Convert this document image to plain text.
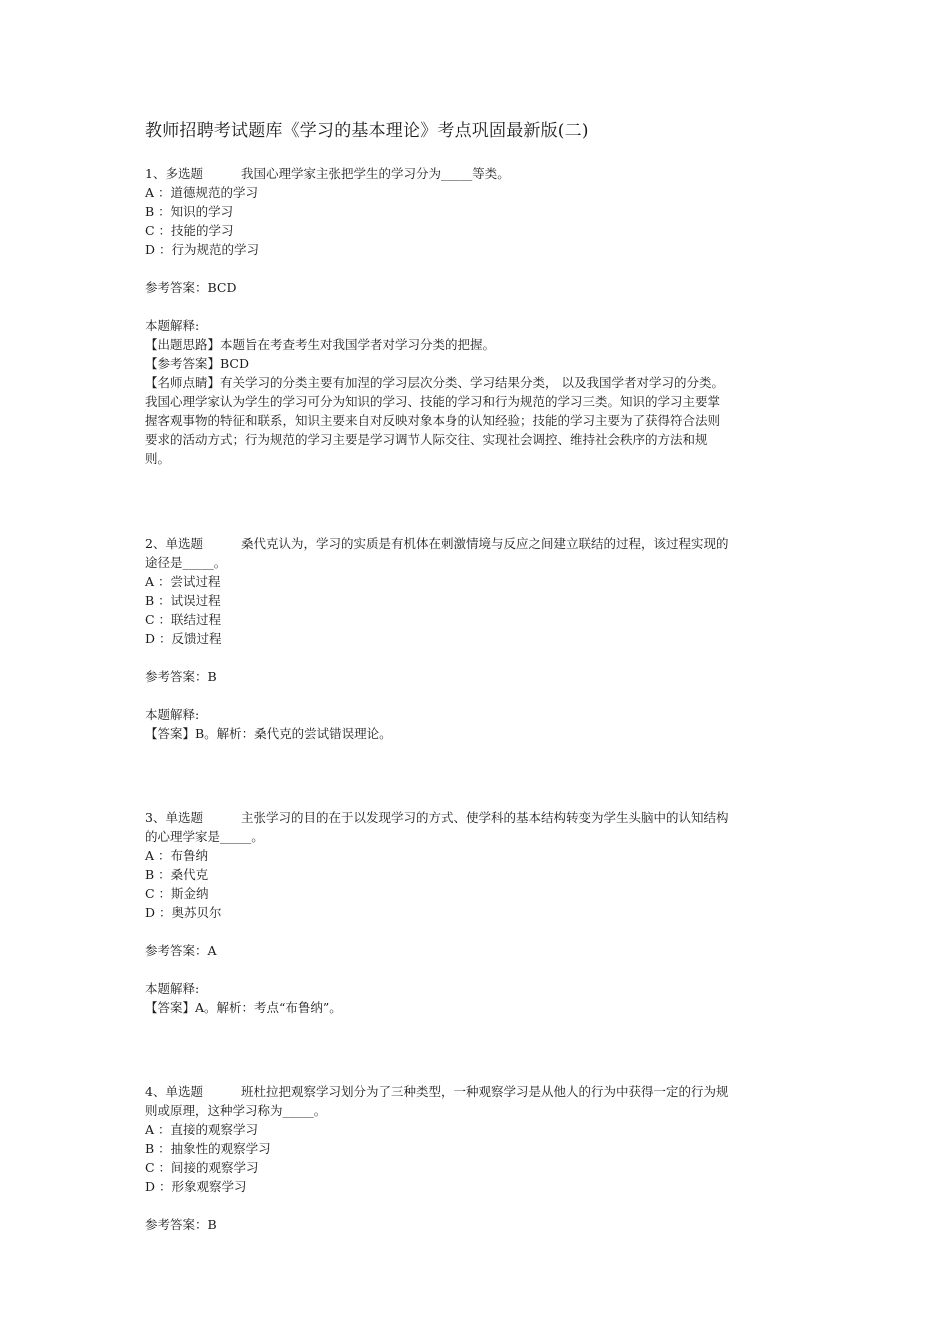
教师招聘考试题库《学习的基本理论》考点巩固最新版(二)
1、多选题	我国心理学家主张把学生的学习分为_____等类。
A ：道德规范的学习
B ：知识的学习
C ：技能的学习
D ：行为规范的学习
参考答案：BCD
本题解释:
【出题思路】本题旨在考查考生对我国学者对学习分类的把握。
【参考答案】BCD
【名师点睛】有关学习的分类主要有加涅的学习层次分类、学习结果分类， 以及我国学者对学习的分类。
我国心理学家认为学生的学习可分为知识的学习、技能的学习和行为规范的学习三类。知识的学习主要掌
握客观事物的特征和联系，知识主要来自对反映对象本身的认知经验；技能的学习主要为了获得符合法则
要求的活动方式；行为规范的学习主要是学习调节人际交往、实现社会调控、维持社会秩序的方法和规
则。
2、单选题	桑代克认为，学习的实质是有机体在刺激情境与反应之间建立联结的过程，该过程实现的
途径是_____。
A ：尝试过程
B ：试误过程
C ：联结过程
D ：反馈过程
参考答案：B
本题解释:
【答案】B。解析：桑代克的尝试错误理论。
3、单选题	主张学习的目的在于以发现学习的方式、使学科的基本结构转变为学生头脑中的认知结构
的心理学家是_____。
A ：布鲁纳
B ：桑代克
C ：斯金纳
D ：奥苏贝尔
参考答案：A
本题解释:
【答案】A。解析：考点“布鲁纳”。
4、单选题	班杜拉把观察学习划分为了三种类型，一种观察学习是从他人的行为中获得一定的行为规
则或原理，这种学习称为_____。
A ：直接的观察学习
B ：抽象性的观察学习
C ：间接的观察学习
D ：形象观察学习
参考答案：B
